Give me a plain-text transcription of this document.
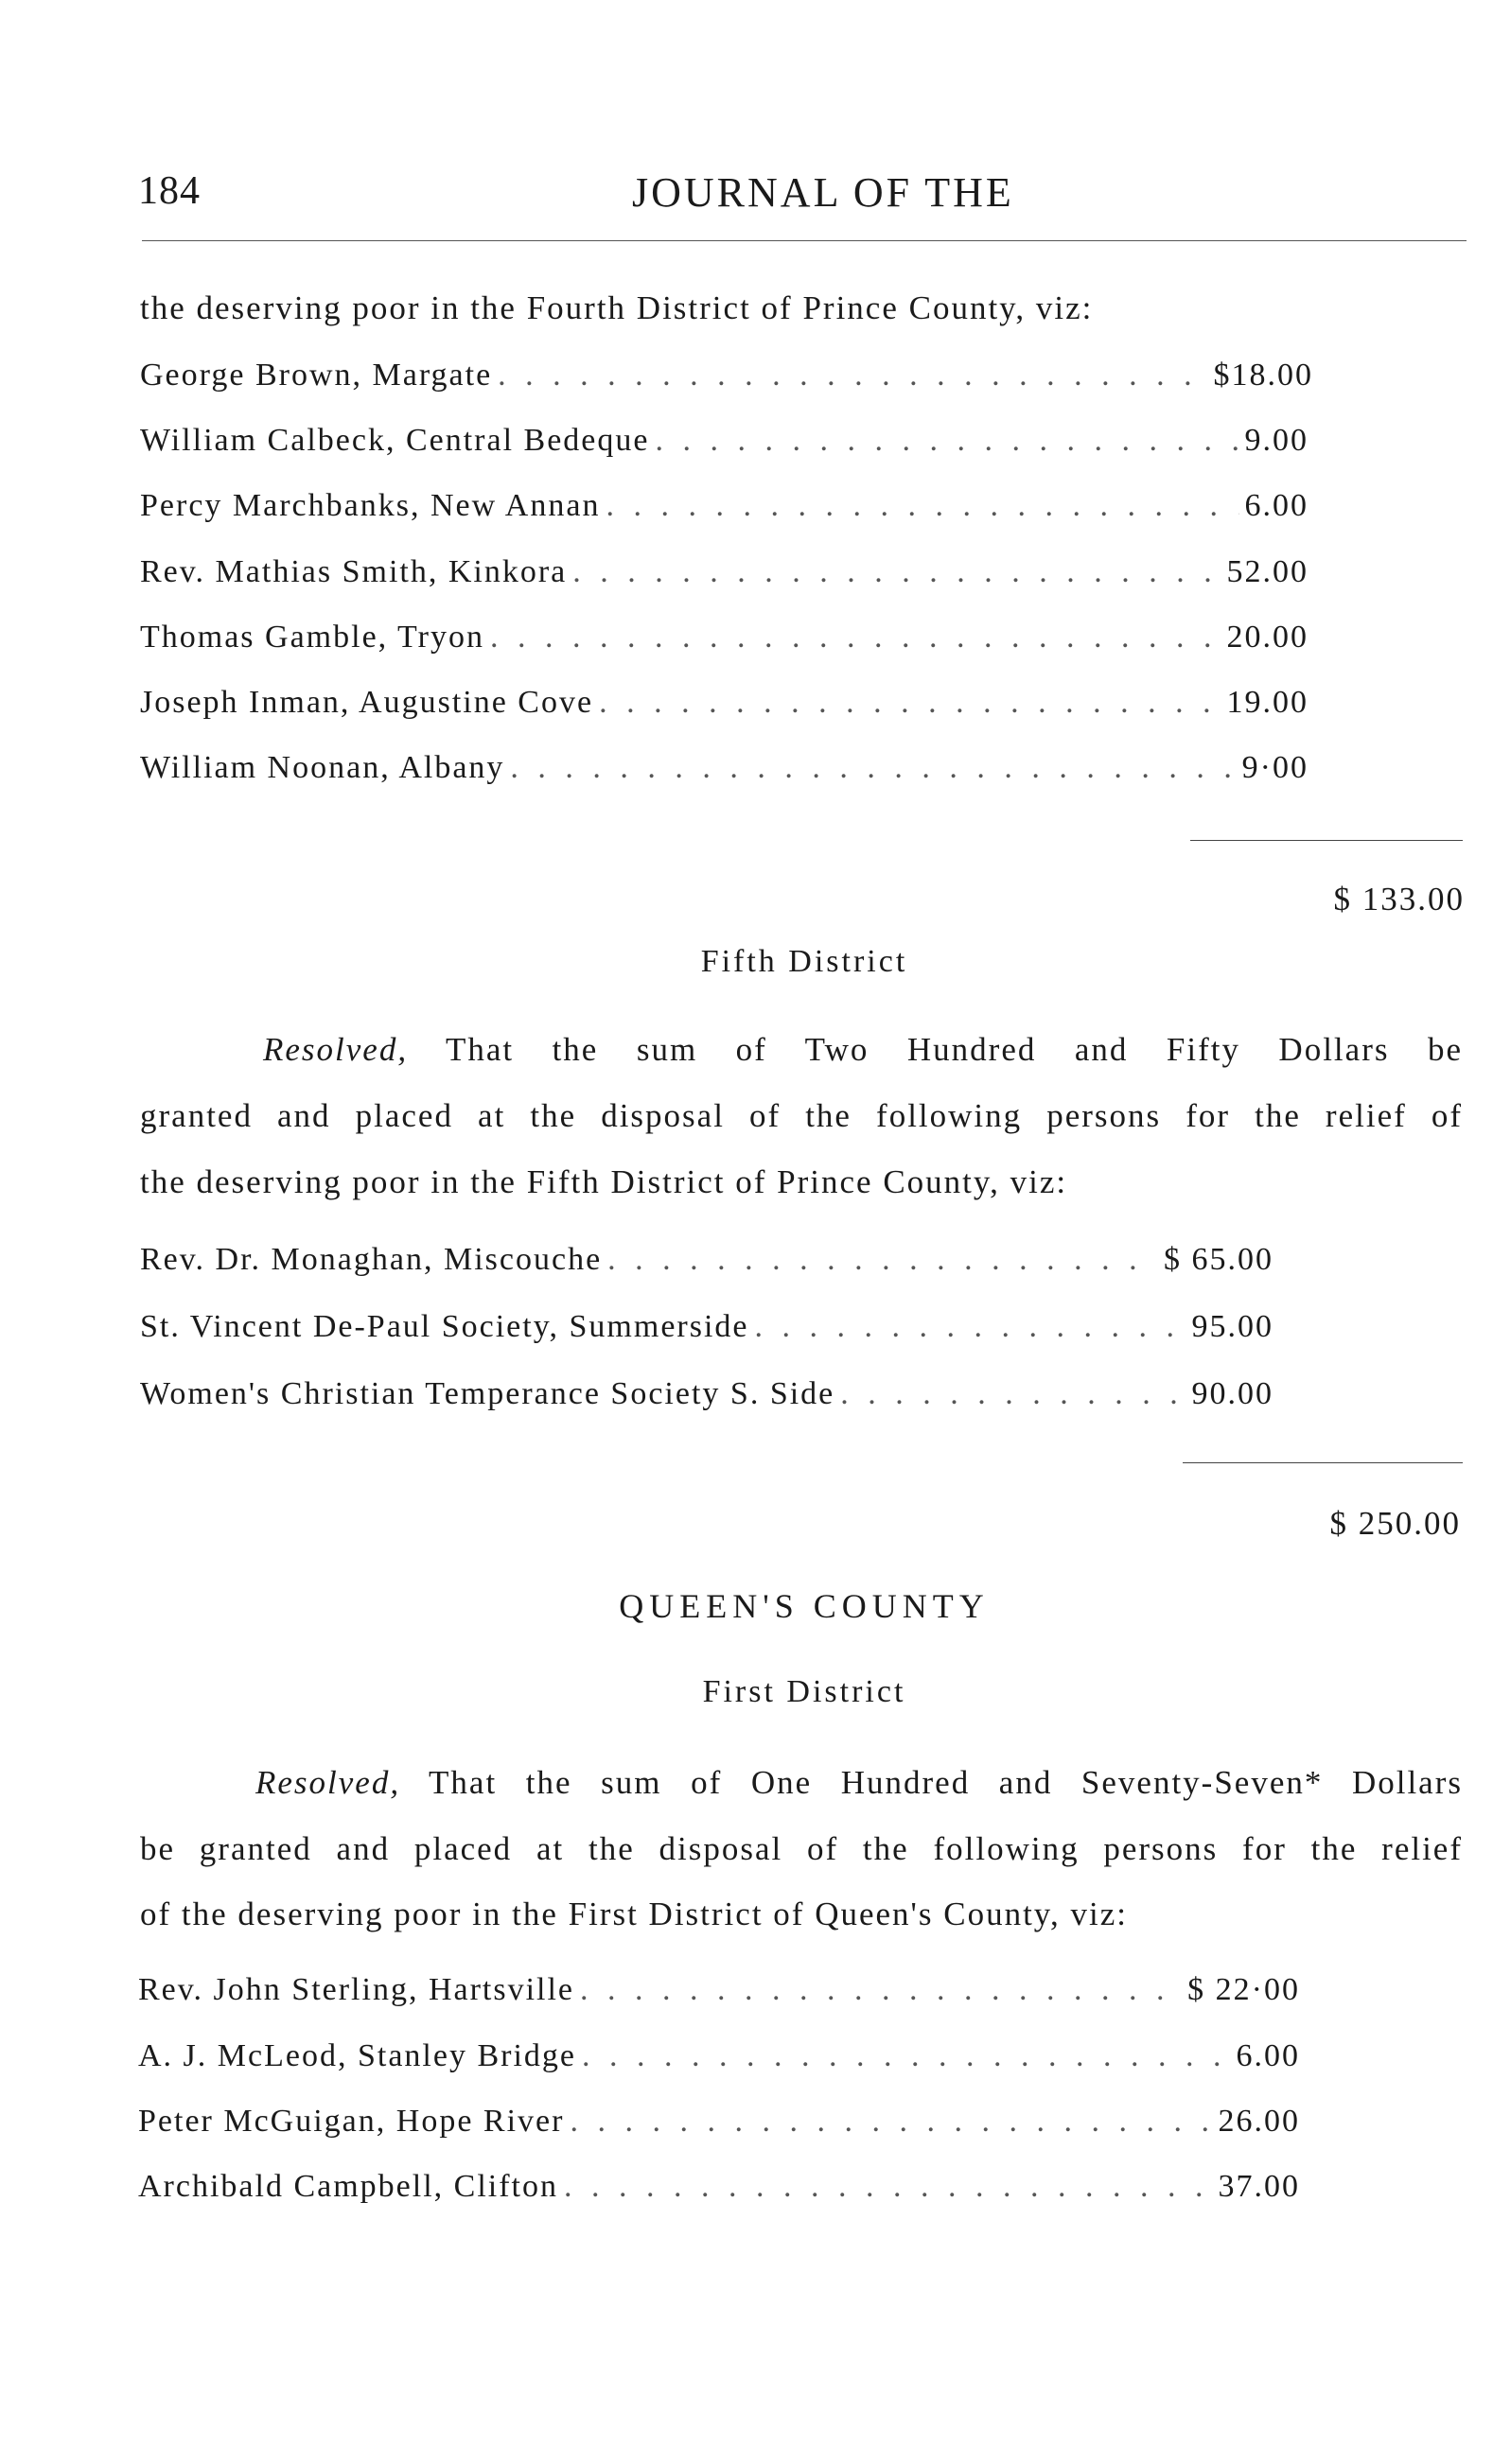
184	JOURNAL OF THE
the deserving poor in the Fourth District of Prince County, viz:
George Brown, Margate . . .	$18.00
William Calbeck, Central Bedeque . . .	9.00
Percy Marchbanks, New Annan . . .	6.00
Rev. Mathias Smith, Kinkora . . .	52.00
Thomas Gamble, Tryon . . .	20.00
Joseph Inman, Augustine Cove . . .	19.00
William Noonan, Albany . . .	9·00
$ 133.00
Fifth District
Resolved, That the sum of Two Hundred and Fifty Dollars be
granted and placed at the disposal of the following persons for the relief of
the deserving poor in the Fifth District of Prince County, viz:
Rev. Dr. Monaghan, Miscouche . . .	$ 65.00
St. Vincent De-Paul Society, Summerside . . .	95.00
Women's Christian Temperance Society S. Side . . .	90.00
$ 250.00
QUEEN'S COUNTY
First District
Resolved, That the sum of One Hundred and Seventy-Seven* Dollars
be granted and placed at the disposal of the following persons for the relief
of the deserving poor in the First District of Queen's County, viz:
Rev. John Sterling, Hartsville . . .	$ 22·00
A. J. McLeod, Stanley Bridge . . .	6.00
Peter McGuigan, Hope River . . .	26.00
Archibald Campbell, Clifton . . .	37.00
